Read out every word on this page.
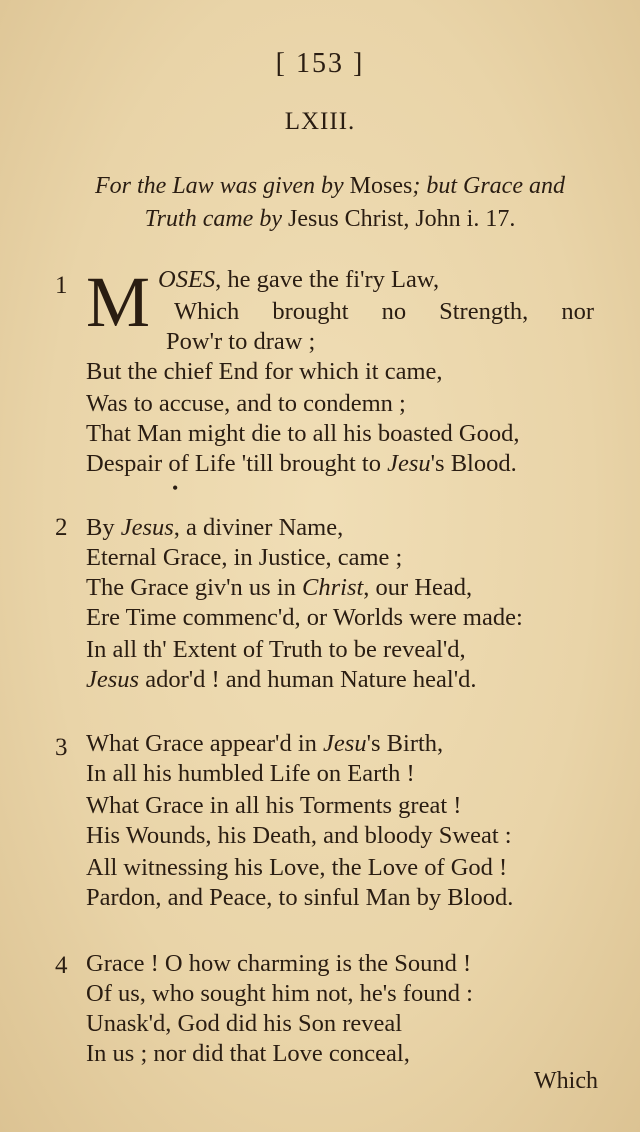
[ 153 ]
LXIII.
For the Law was given by Moses; but Grace and
Truth came by Jesus Christ, John i. 17.
1 M OSES, he gave the fi'ry Law,
Which brought no Strength, nor
Pow'r to draw ;
But the chief End for which it came,
Was to accuse, and to condemn ;
That Man might die to all his boasted Good,
Despair of Life 'till brought to Jesu's Blood.
•
2 By Jesus, a diviner Name,
Eternal Grace, in Justice, came ;
The Grace giv'n us in Christ, our Head,
Ere Time commenc'd, or Worlds were made:
In all th' Extent of Truth to be reveal'd,
Jesus ador'd ! and human Nature heal'd.
3 What Grace appear'd in Jesu's Birth,
In all his humbled Life on Earth !
What Grace in all his Torments great !
His Wounds, his Death, and bloody Sweat :
All witnessing his Love, the Love of God !
Pardon, and Peace, to sinful Man by Blood.
4 Grace ! O how charming is the Sound !
Of us, who sought him not, he's found :
Unask'd, God did his Son reveal
In us ; nor did that Love conceal,
Which
